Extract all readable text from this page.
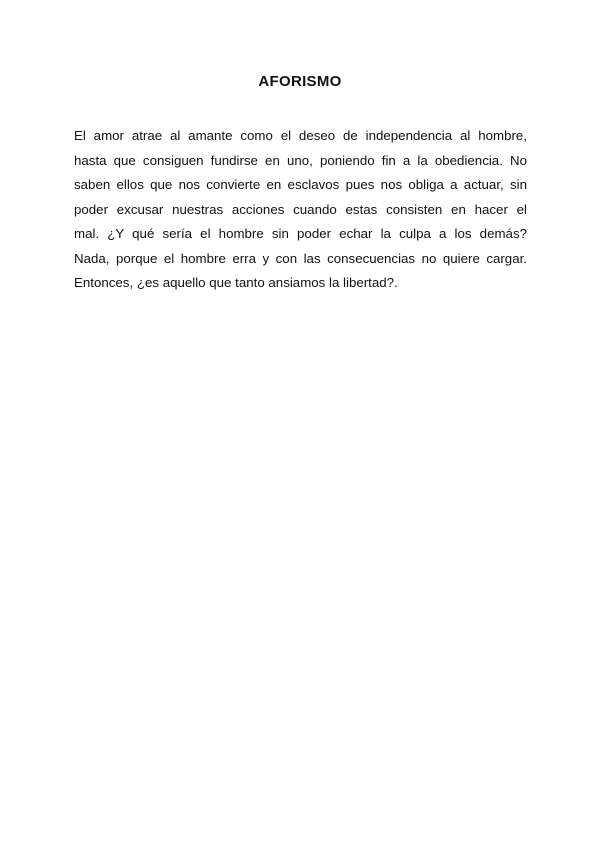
AFORISMO
El amor atrae al amante como el deseo de independencia al hombre,
hasta que consiguen fundirse en uno, poniendo fin a la obediencia. No
saben ellos que nos convierte en esclavos pues nos obliga a actuar, sin
poder excusar nuestras acciones cuando estas consisten en hacer el
mal. ¿Y qué sería el hombre sin poder echar la culpa a los demás?
Nada, porque el hombre erra y con las consecuencias no quiere cargar.
Entonces, ¿es aquello que tanto ansiamos la libertad?.
